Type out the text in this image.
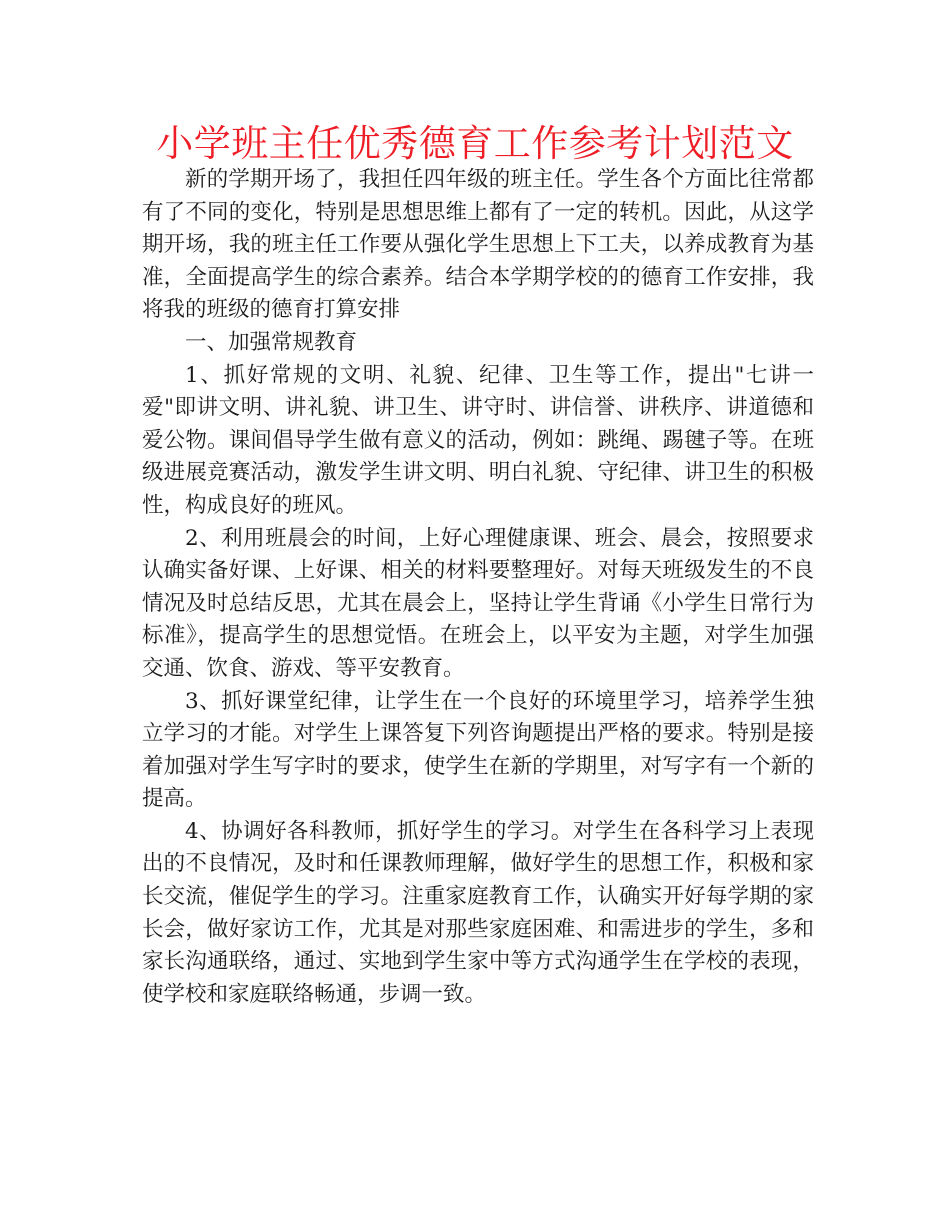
小学班主任优秀德育工作参考计划范文

新的学期开场了，我担任四年级的班主任。学生各个方面比往常都有了不同的变化，特别是思想思维上都有了一定的转机。因此，从这学期开场，我的班主任工作要从强化学生思想上下工夫，以养成教育为基准，全面提高学生的综合素养。结合本学期学校的的德育工作安排，我将我的班级的德育打算安排

一、加强常规教育

1、抓好常规的文明、礼貌、纪律、卫生等工作，提出"七讲一爱"即讲文明、讲礼貌、讲卫生、讲守时、讲信誉、讲秩序、讲道德和爱公物。课间倡导学生做有意义的活动，例如：跳绳、踢毽子等。在班级进展竞赛活动，激发学生讲文明、明白礼貌、守纪律、讲卫生的积极性，构成良好的班风。

2、利用班晨会的时间，上好心理健康课、班会、晨会，按照要求认确实备好课、上好课、相关的材料要整理好。对每天班级发生的不良情况及时总结反思，尤其在晨会上，坚持让学生背诵《小学生日常行为标准》，提高学生的思想觉悟。在班会上，以平安为主题，对学生加强交通、饮食、游戏、等平安教育。

3、抓好课堂纪律，让学生在一个良好的环境里学习，培养学生独立学习的才能。对学生上课答复下列咨询题提出严格的要求。特别是接着加强对学生写字时的要求，使学生在新的学期里，对写字有一个新的提高。

4、协调好各科教师，抓好学生的学习。对学生在各科学习上表现出的不良情况，及时和任课教师理解，做好学生的思想工作，积极和家长交流，催促学生的学习。注重家庭教育工作，认确实开好每学期的家长会，做好家访工作，尤其是对那些家庭困难、和需进步的学生，多和家长沟通联络，通过、实地到学生家中等方式沟通学生在学校的表现，使学校和家庭联络畅通，步调一致。
